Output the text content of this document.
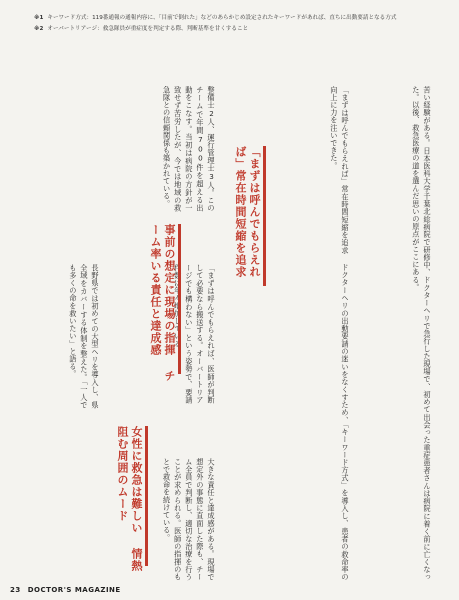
※1 キーワード方式：119番通報の通報内容に、「目前で倒れた」などのあらかじめ設定されたキーワードがあれば、直ちに出動要請となる方式
※2 オーバートリアージ：救急隊員が重症度を判定する際、判断基準を甘くすること

苦い経験がある。日本医科大学千葉北総病院で研修中、ドクターヘリで急行した現場で、初めて出会った重症患者さんは病院に着く前に亡くなった。以後、救急医療の道を選んだ思いの原点がここにある。

「まずは呼んでもらえれば」常在時間短縮を追求 ドクターヘリの出動要請の迷いをなくすため、「キーワード方式」を導入し、患者の救命率の向上に力を注いできた。

整備士2人、運行管理士3人。このチームで年間700件を超える出動をこなす。当初は病院の方針が一致せず苦労したが、今では地域の救急隊との信頼関係も築かれている。

「まずは呼んでもらえれば、医師が判断して必要なら搬送する。オーバートリアージでも構わない」という姿勢で、要請

長野県では初めての大型ヘリを導入し、県全域をカバーする体制を整えた。「一人でも多くの命を救いたい」と語る。

大きな責任と達成感がある。現場で想定外の事態に直面した際も、チーム全員で判断し、適切な治療を行うことが求められる。医師の指揮のもとで救命を続けている。

「まずは呼んでもらえれば」常在時間短縮を追求
事前の想定に現場の指揮 チーム率いる責任と達成感
女性に救急は難しい 情熱阻む周囲のムード
23 DOCTOR'S MAGAZINE
